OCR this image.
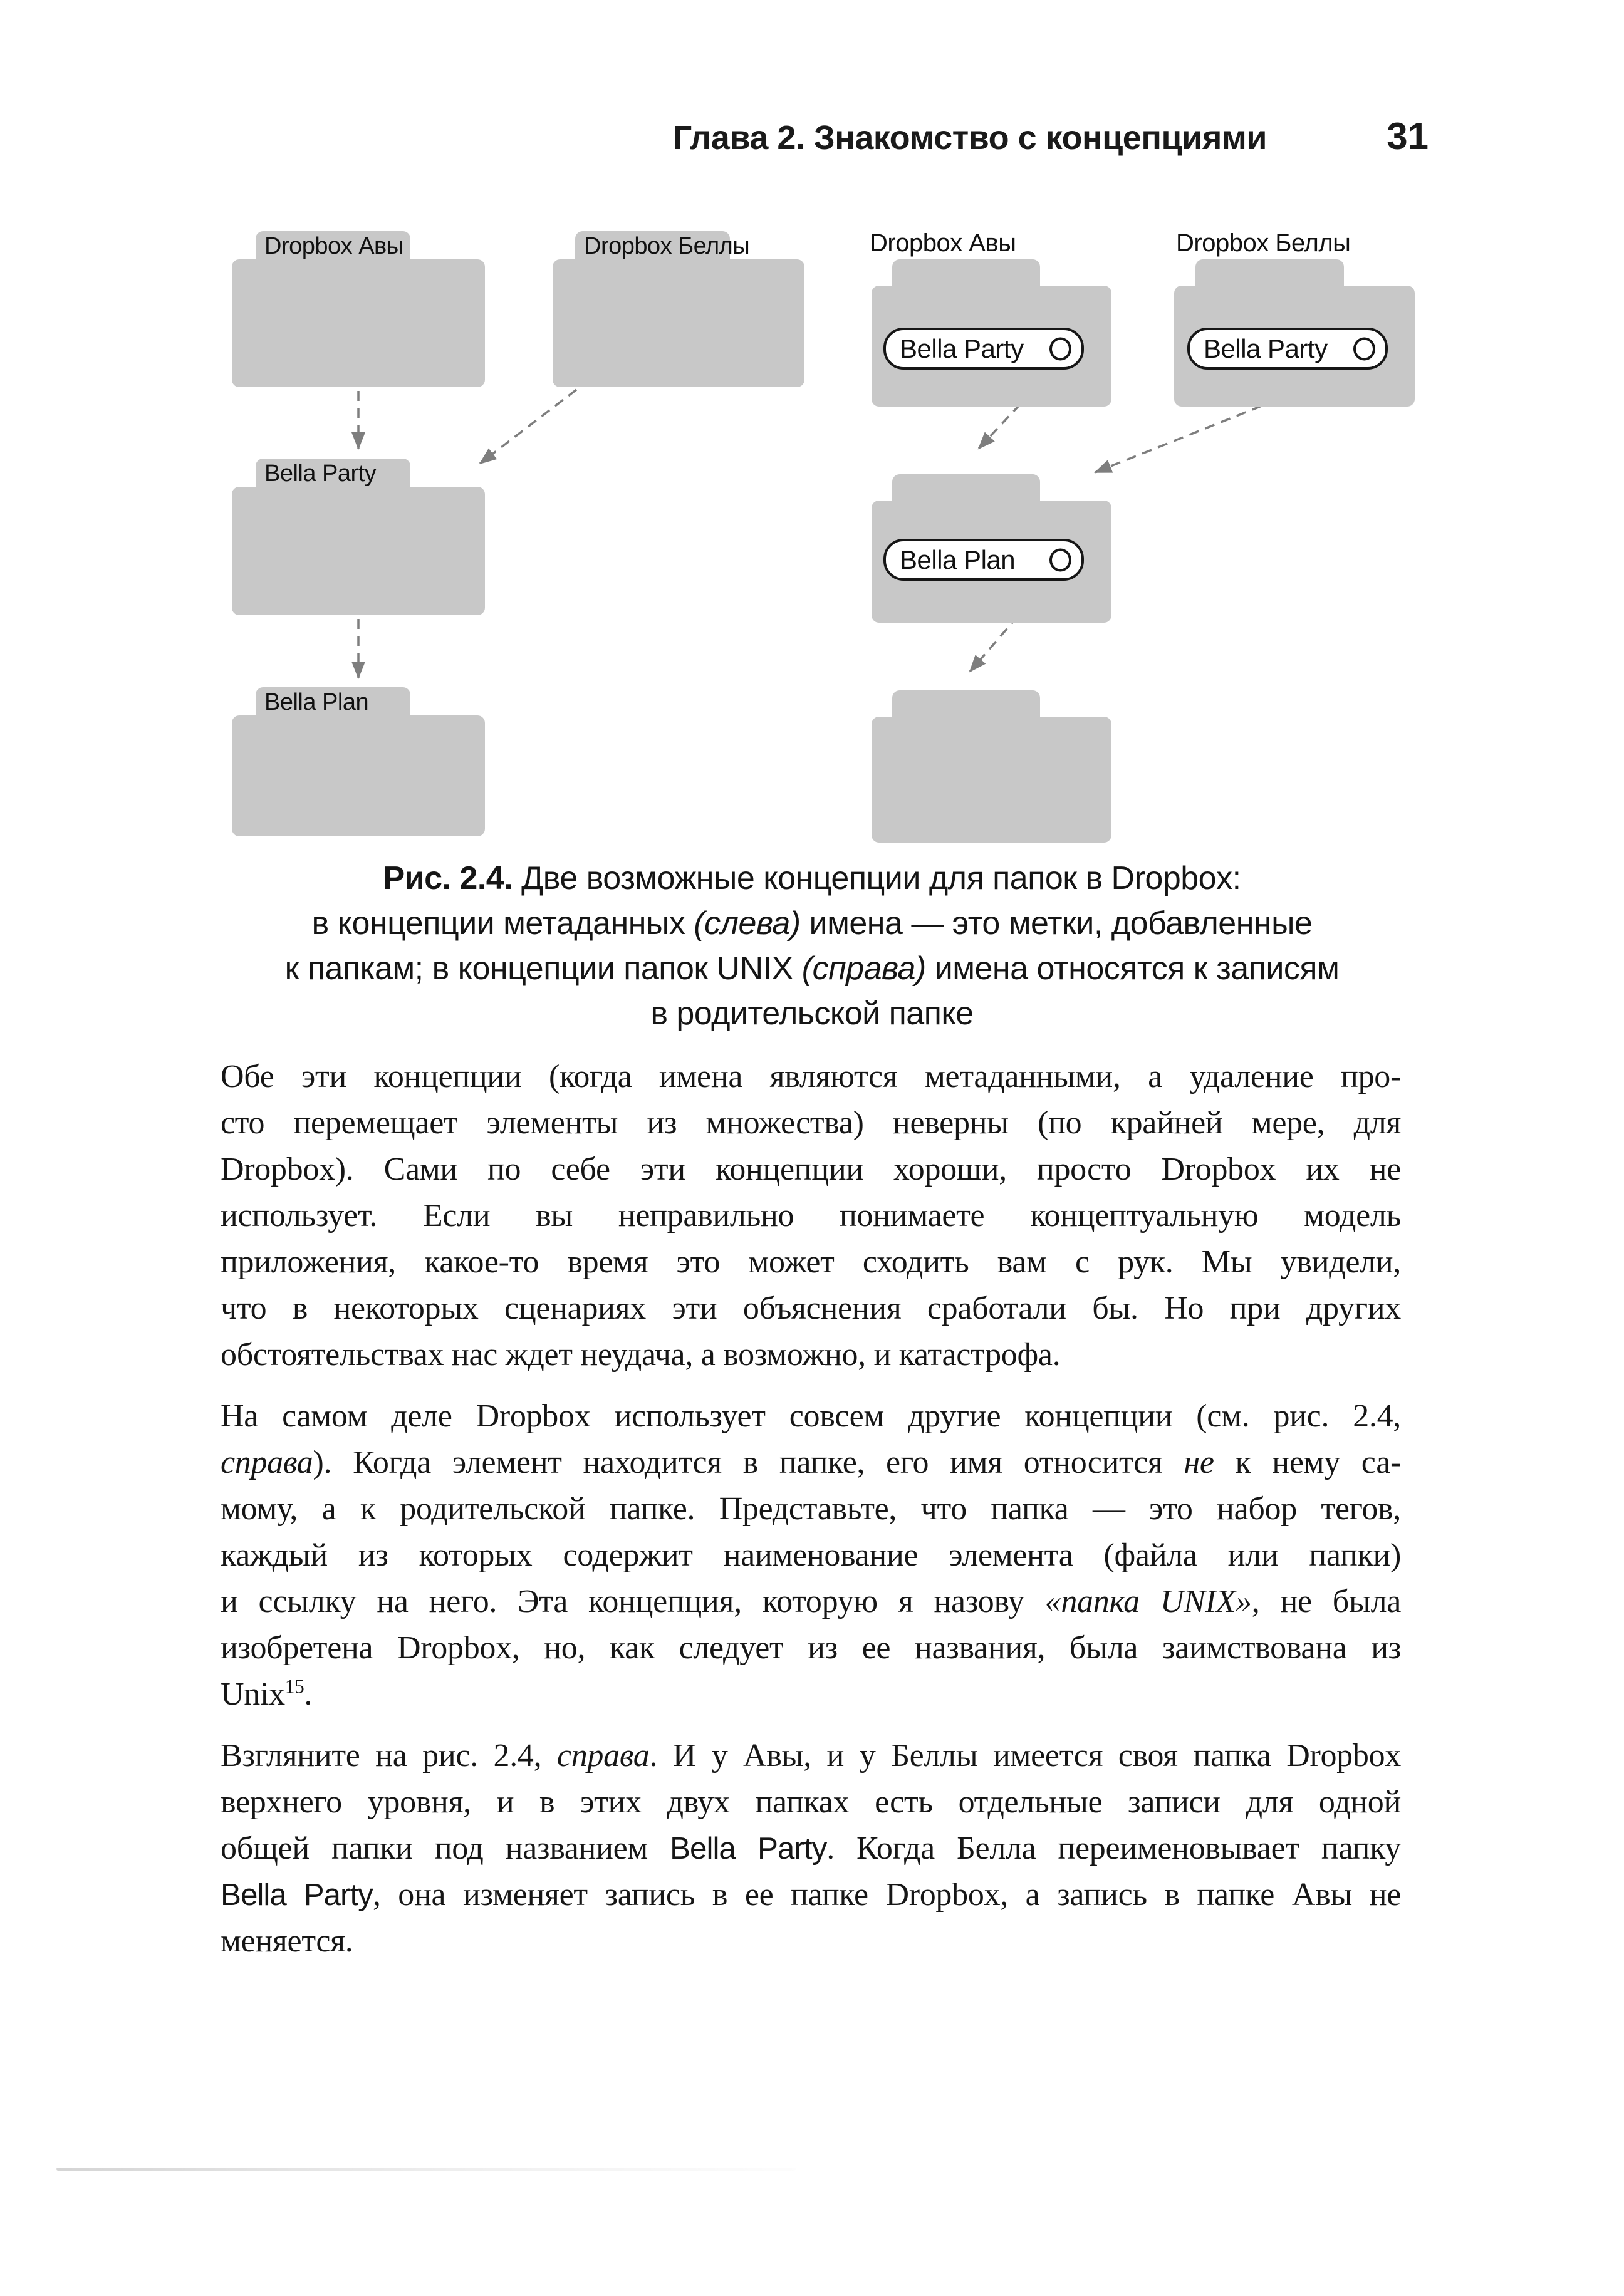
Глава 2. Знакомство с концепциями	31
Dropbox Авы	Dropbox Беллы
Bella Party
Bella Plan
Dropbox Авы
Bella Party
Dropbox Беллы
Bella Party
Bella Plan
Рис. 2.4. Две возможные концепции для папок в Dropbox:
в концепции метаданных (слева) имена — это метки, добавленные
к папкам; в концепции папок UNIX (справа) имена относятся к записям
в родительской папке
Обе эти концепции (когда имена являются метаданными, а удаление про-
сто перемещает элементы из множества) неверны (по крайней мере, для
Dropbox). Сами по себе эти концепции хороши, просто Dropbox их не
использует. Если вы неправильно понимаете концептуальную модель
приложения, какое-то время это может сходить вам с рук. Мы увидели,
что в некоторых сценариях эти объяснения сработали бы. Но при других
обстоятельствах нас ждет неудача, а возможно, и катастрофа.
На самом деле Dropbox использует совсем другие концепции (см. рис. 2.4,
справа). Когда элемент находится в папке, его имя относится не к нему са-
мому, а к родительской папке. Представьте, что папка — это набор тегов,
каждый из которых содержит наименование элемента (файла или папки)
и ссылку на него. Эта концепция, которую я назову «папка UNIX», не была
изобретена Dropbox, но, как следует из ее названия, была заимствована из
Unix$^{15}$.
Взгляните на рис. 2.4, справа. И у Авы, и у Беллы имеется своя папка Dropbox
верхнего уровня, и в этих двух папках есть отдельные записи для одной
общей папки под названием Bella Party. Когда Белла переименовывает папку
Bella Party, она изменяет запись в ее папке Dropbox, а запись в папке Авы не
меняется.
